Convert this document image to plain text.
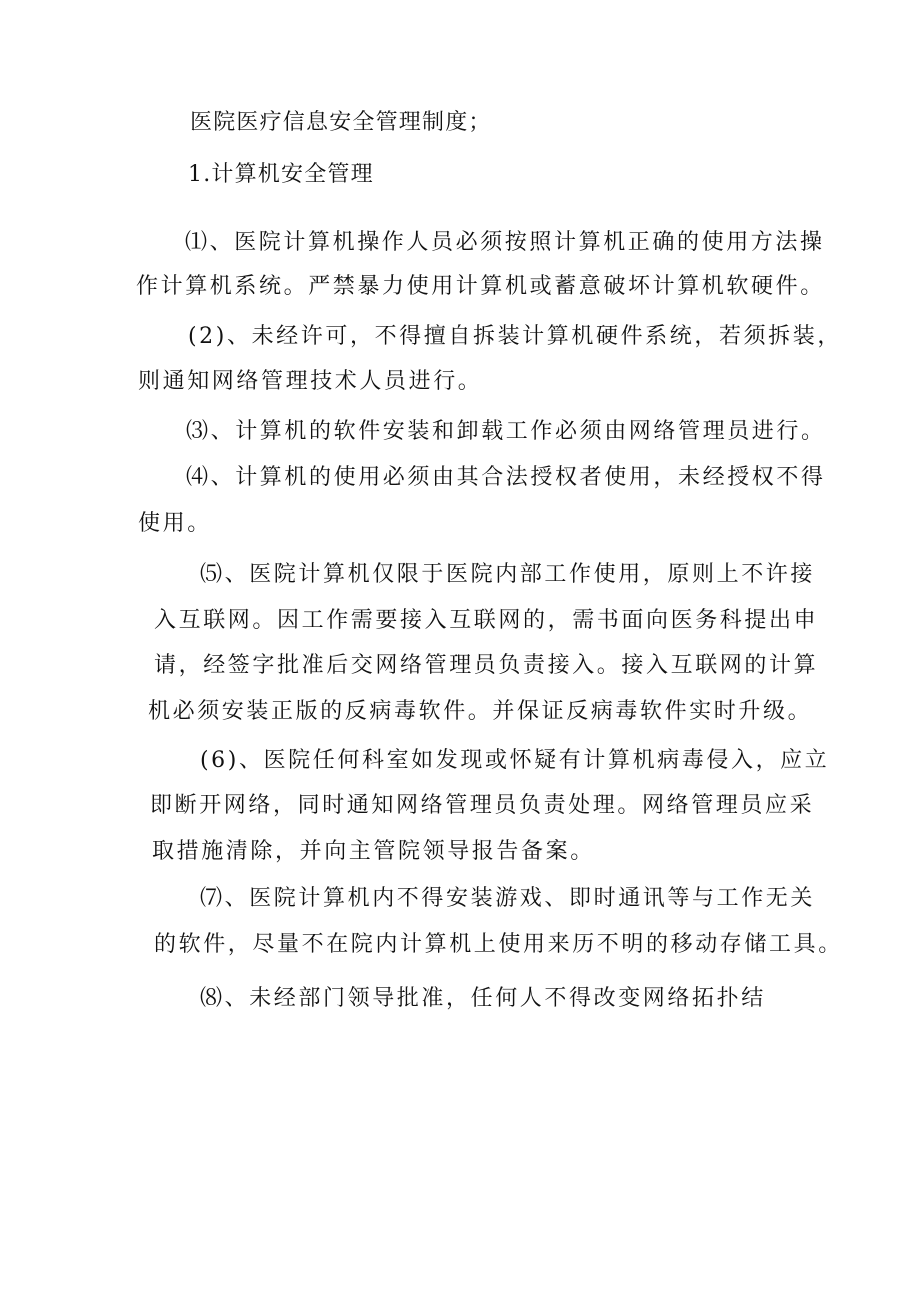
医院医疗信息安全管理制度；
1.计算机安全管理
⑴、医院计算机操作人员必须按照计算机正确的使用方法操
作计算机系统。严禁暴力使用计算机或蓄意破坏计算机软硬件。
(2)、未经许可，不得擅自拆装计算机硬件系统，若须拆装，
则通知网络管理技术人员进行。
⑶、计算机的软件安装和卸载工作必须由网络管理员进行。
⑷、计算机的使用必须由其合法授权者使用，未经授权不得
使用。
⑸、医院计算机仅限于医院内部工作使用，原则上不许接
入互联网。因工作需要接入互联网的，需书面向医务科提出申
请，经签字批准后交网络管理员负责接入。接入互联网的计算
机必须安装正版的反病毒软件。并保证反病毒软件实时升级。
(6)、医院任何科室如发现或怀疑有计算机病毒侵入，应立
即断开网络，同时通知网络管理员负责处理。网络管理员应采
取措施清除，并向主管院领导报告备案。
⑺、医院计算机内不得安装游戏、即时通讯等与工作无关
的软件，尽量不在院内计算机上使用来历不明的移动存储工具。
⑻、未经部门领导批准，任何人不得改变网络拓扑结
